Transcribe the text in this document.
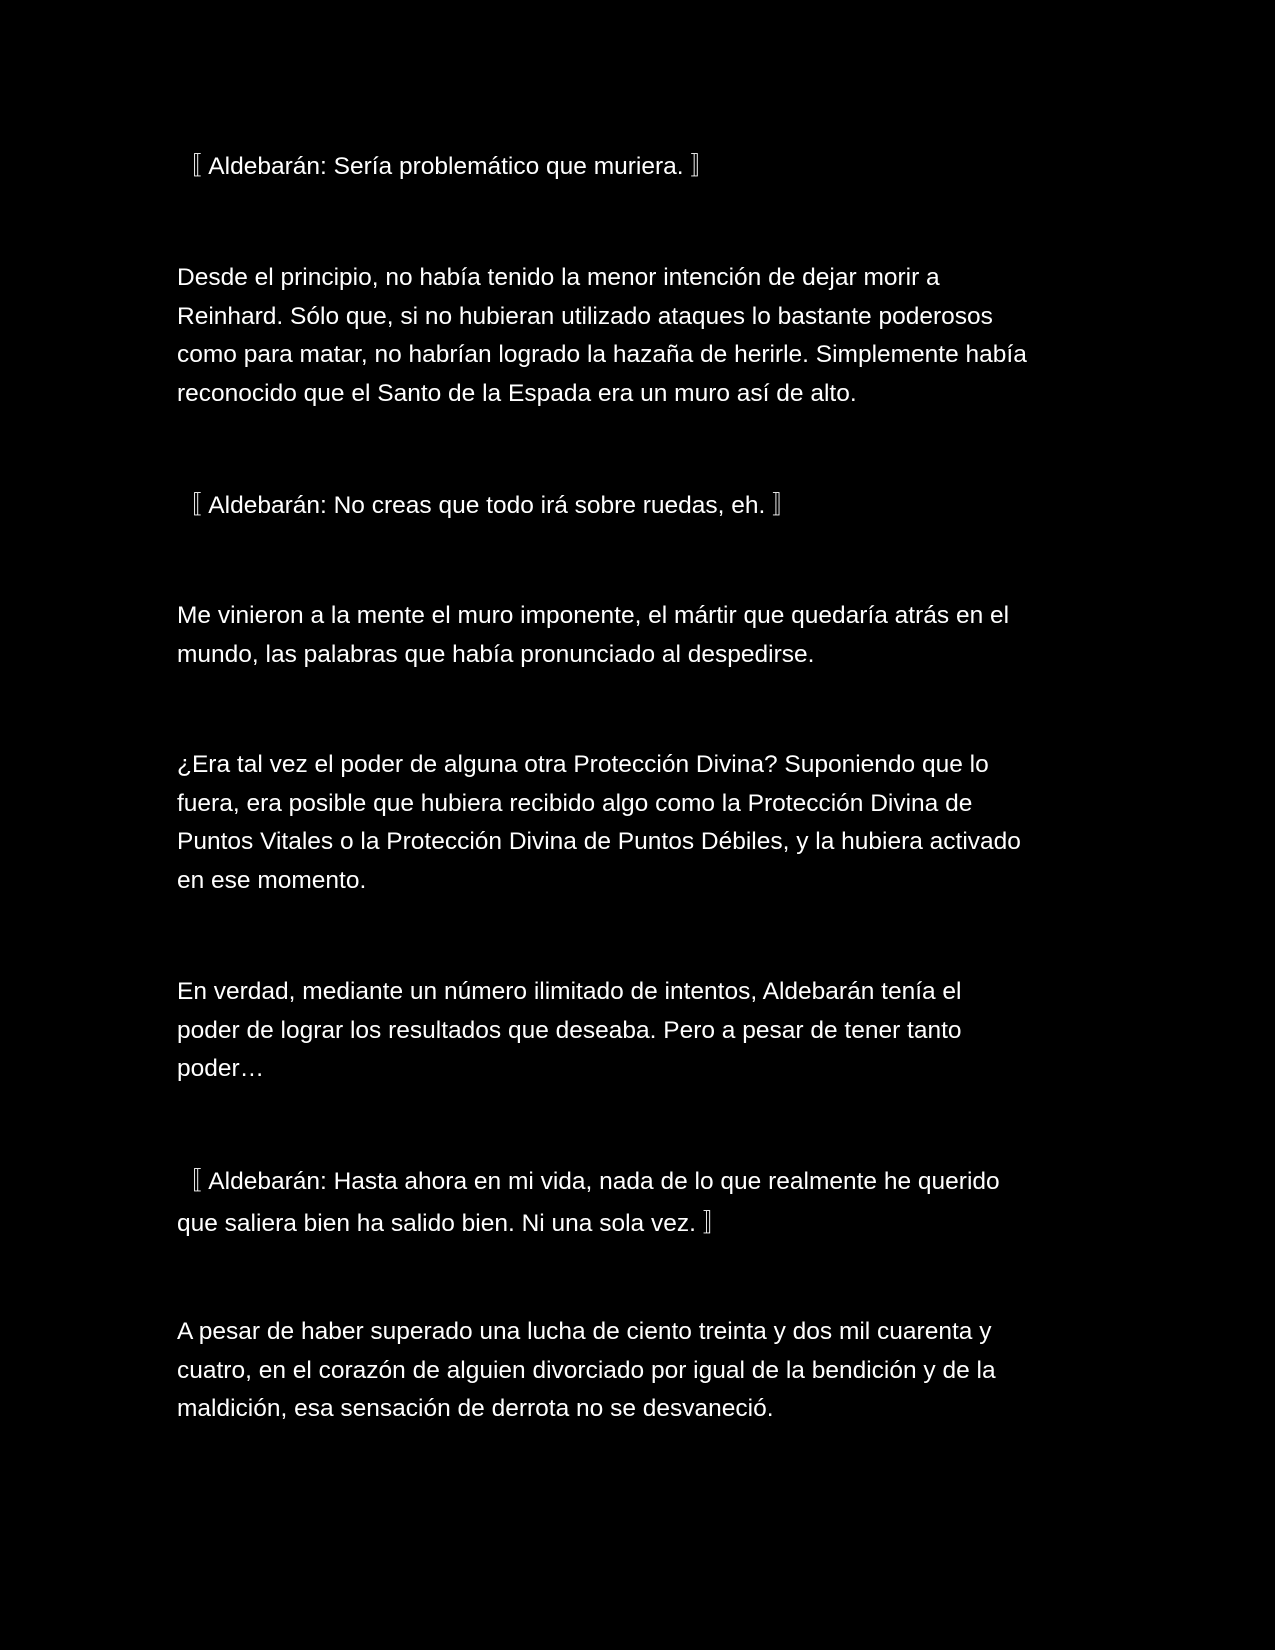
〚 Aldebarán: Sería problemático que muriera. 〛

Desde el principio, no había tenido la menor intención de dejar morir a
Reinhard. Sólo que, si no hubieran utilizado ataques lo bastante poderosos
como para matar, no habrían logrado la hazaña de herirle. Simplemente había
reconocido que el Santo de la Espada era un muro así de alto.

〚 Aldebarán: No creas que todo irá sobre ruedas, eh. 〛

Me vinieron a la mente el muro imponente, el mártir que quedaría atrás en el
mundo, las palabras que había pronunciado al despedirse.

¿Era tal vez el poder de alguna otra Protección Divina? Suponiendo que lo
fuera, era posible que hubiera recibido algo como la Protección Divina de
Puntos Vitales o la Protección Divina de Puntos Débiles, y la hubiera activado
en ese momento.

En verdad, mediante un número ilimitado de intentos, Aldebarán tenía el
poder de lograr los resultados que deseaba. Pero a pesar de tener tanto
poder…

〚 Aldebarán: Hasta ahora en mi vida, nada de lo que realmente he querido
que saliera bien ha salido bien. Ni una sola vez. 〛

A pesar de haber superado una lucha de ciento treinta y dos mil cuarenta y
cuatro, en el corazón de alguien divorciado por igual de la bendición y de la
maldición, esa sensación de derrota no se desvaneció.
